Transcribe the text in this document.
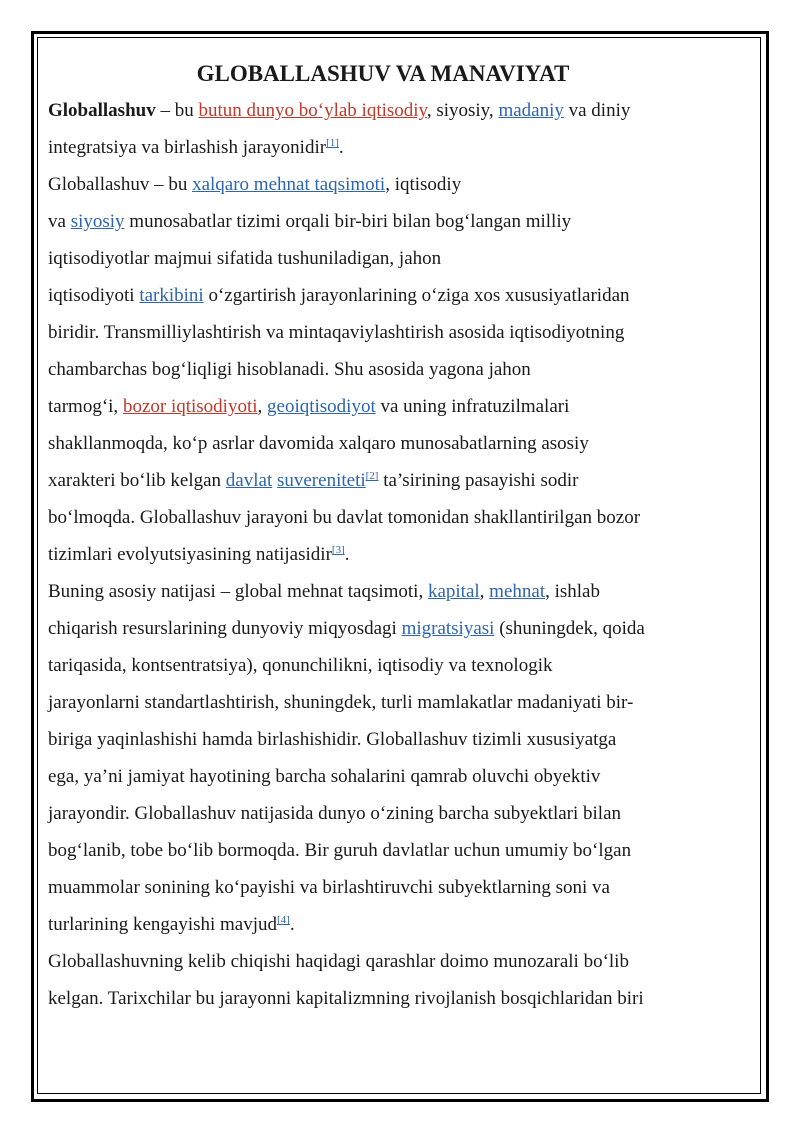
GLOBALLASHUV VA MANAVIYAT

Globallashuv – bu butun dunyo bo‘ylab iqtisodiy, siyosiy, madaniy va diniy
integratsiya va birlashish jarayonidir[1].

Globallashuv – bu xalqaro mehnat taqsimoti, iqtisodiy
va siyosiy munosabatlar tizimi orqali bir-biri bilan bog‘langan milliy
iqtisodiyotlar majmui sifatida tushuniladigan, jahon
iqtisodiyoti tarkibini o‘zgartirish jarayonlarining o‘ziga xos xususiyatlaridan
biridir. Transmilliylashtirish va mintaqaviylashtirish asosida iqtisodiyotning
chambarchas bog‘liqligi hisoblanadi. Shu asosida yagona jahon
tarmog‘i, bozor iqtisodiyoti, geoiqtisodiyot va uning infratuzilmalari
shakllanmoqda, ko‘p asrlar davomida xalqaro munosabatlarning asosiy
xarakteri bo‘lib kelgan davlat suvereniteti[2] ta’sirining pasayishi sodir
bo‘lmoqda. Globallashuv jarayoni bu davlat tomonidan shakllantirilgan bozor
tizimlari evolyutsiyasining natijasidir[3].

Buning asosiy natijasi – global mehnat taqsimoti, kapital, mehnat, ishlab
chiqarish resurslarining dunyoviy miqyosdagi migratsiyasi (shuningdek, qoida
tariqasida, kontsentratsiya), qonunchilikni, iqtisodiy va texnologik
jarayonlarni standartlashtirish, shuningdek, turli mamlakatlar madaniyati bir-
biriga yaqinlashishi hamda birlashishidir. Globallashuv tizimli xususiyatga
ega, ya’ni jamiyat hayotining barcha sohalarini qamrab oluvchi obyektiv
jarayondir. Globallashuv natijasida dunyo o‘zining barcha subyektlari bilan
bog‘lanib, tobe bo‘lib bormoqda. Bir guruh davlatlar uchun umumiy bo‘lgan
muammolar sonining ko‘payishi va birlashtiruvchi subyektlarning soni va
turlarining kengayishi mavjud[4].

Globallashuvning kelib chiqishi haqidagi qarashlar doimo munozarali bo‘lib
kelgan. Tarixchilar bu jarayonni kapitalizmning rivojlanish bosqichlaridan biri
